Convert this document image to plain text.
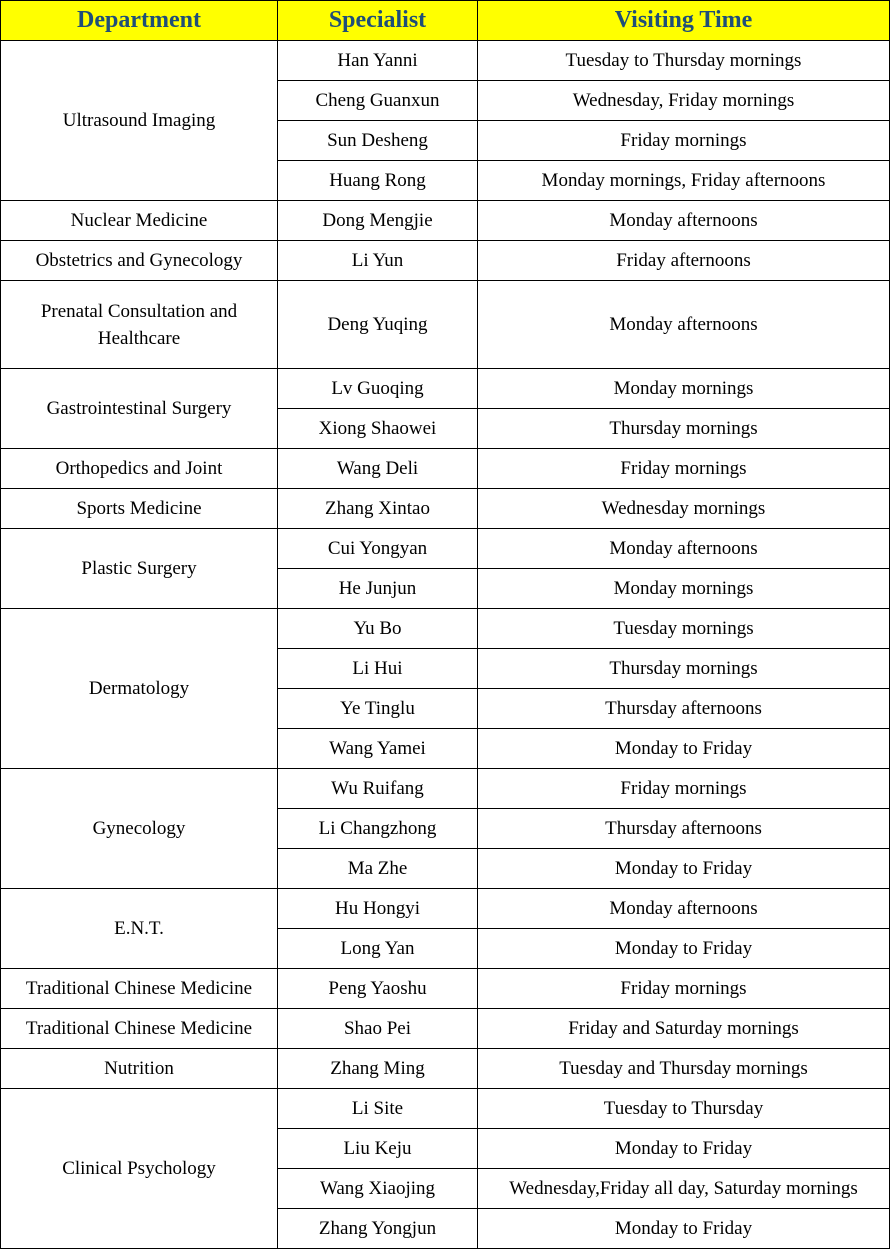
Department	Specialist	Visiting Time
Ultrasound Imaging	Han Yanni	Tuesday to Thursday mornings
	Cheng Guanxun	Wednesday, Friday mornings
	Sun Desheng	Friday mornings
	Huang Rong	Monday mornings, Friday afternoons
Nuclear Medicine	Dong Mengjie	Monday afternoons
Obstetrics and Gynecology	Li Yun	Friday afternoons
Prenatal Consultation and Healthcare	Deng Yuqing	Monday afternoons
Gastrointestinal Surgery	Lv Guoqing	Monday mornings
	Xiong Shaowei	Thursday mornings
Orthopedics and Joint	Wang Deli	Friday mornings
Sports Medicine	Zhang Xintao	Wednesday mornings
Plastic Surgery	Cui Yongyan	Monday afternoons
	He Junjun	Monday mornings
Dermatology	Yu Bo	Tuesday mornings
	Li Hui	Thursday mornings
	Ye Tinglu	Thursday afternoons
	Wang Yamei	Monday to Friday
Gynecology	Wu Ruifang	Friday mornings
	Li Changzhong	Thursday afternoons
	Ma Zhe	Monday to Friday
E.N.T.	Hu Hongyi	Monday afternoons
	Long Yan	Monday to Friday
Traditional Chinese Medicine	Peng Yaoshu	Friday mornings
Traditional Chinese Medicine	Shao Pei	Friday and Saturday mornings
Nutrition	Zhang Ming	Tuesday and Thursday mornings
Clinical Psychology	Li Site	Tuesday to Thursday
	Liu Keju	Monday to Friday
	Wang Xiaojing	Wednesday,Friday all day, Saturday mornings
	Zhang Yongjun	Monday to Friday
